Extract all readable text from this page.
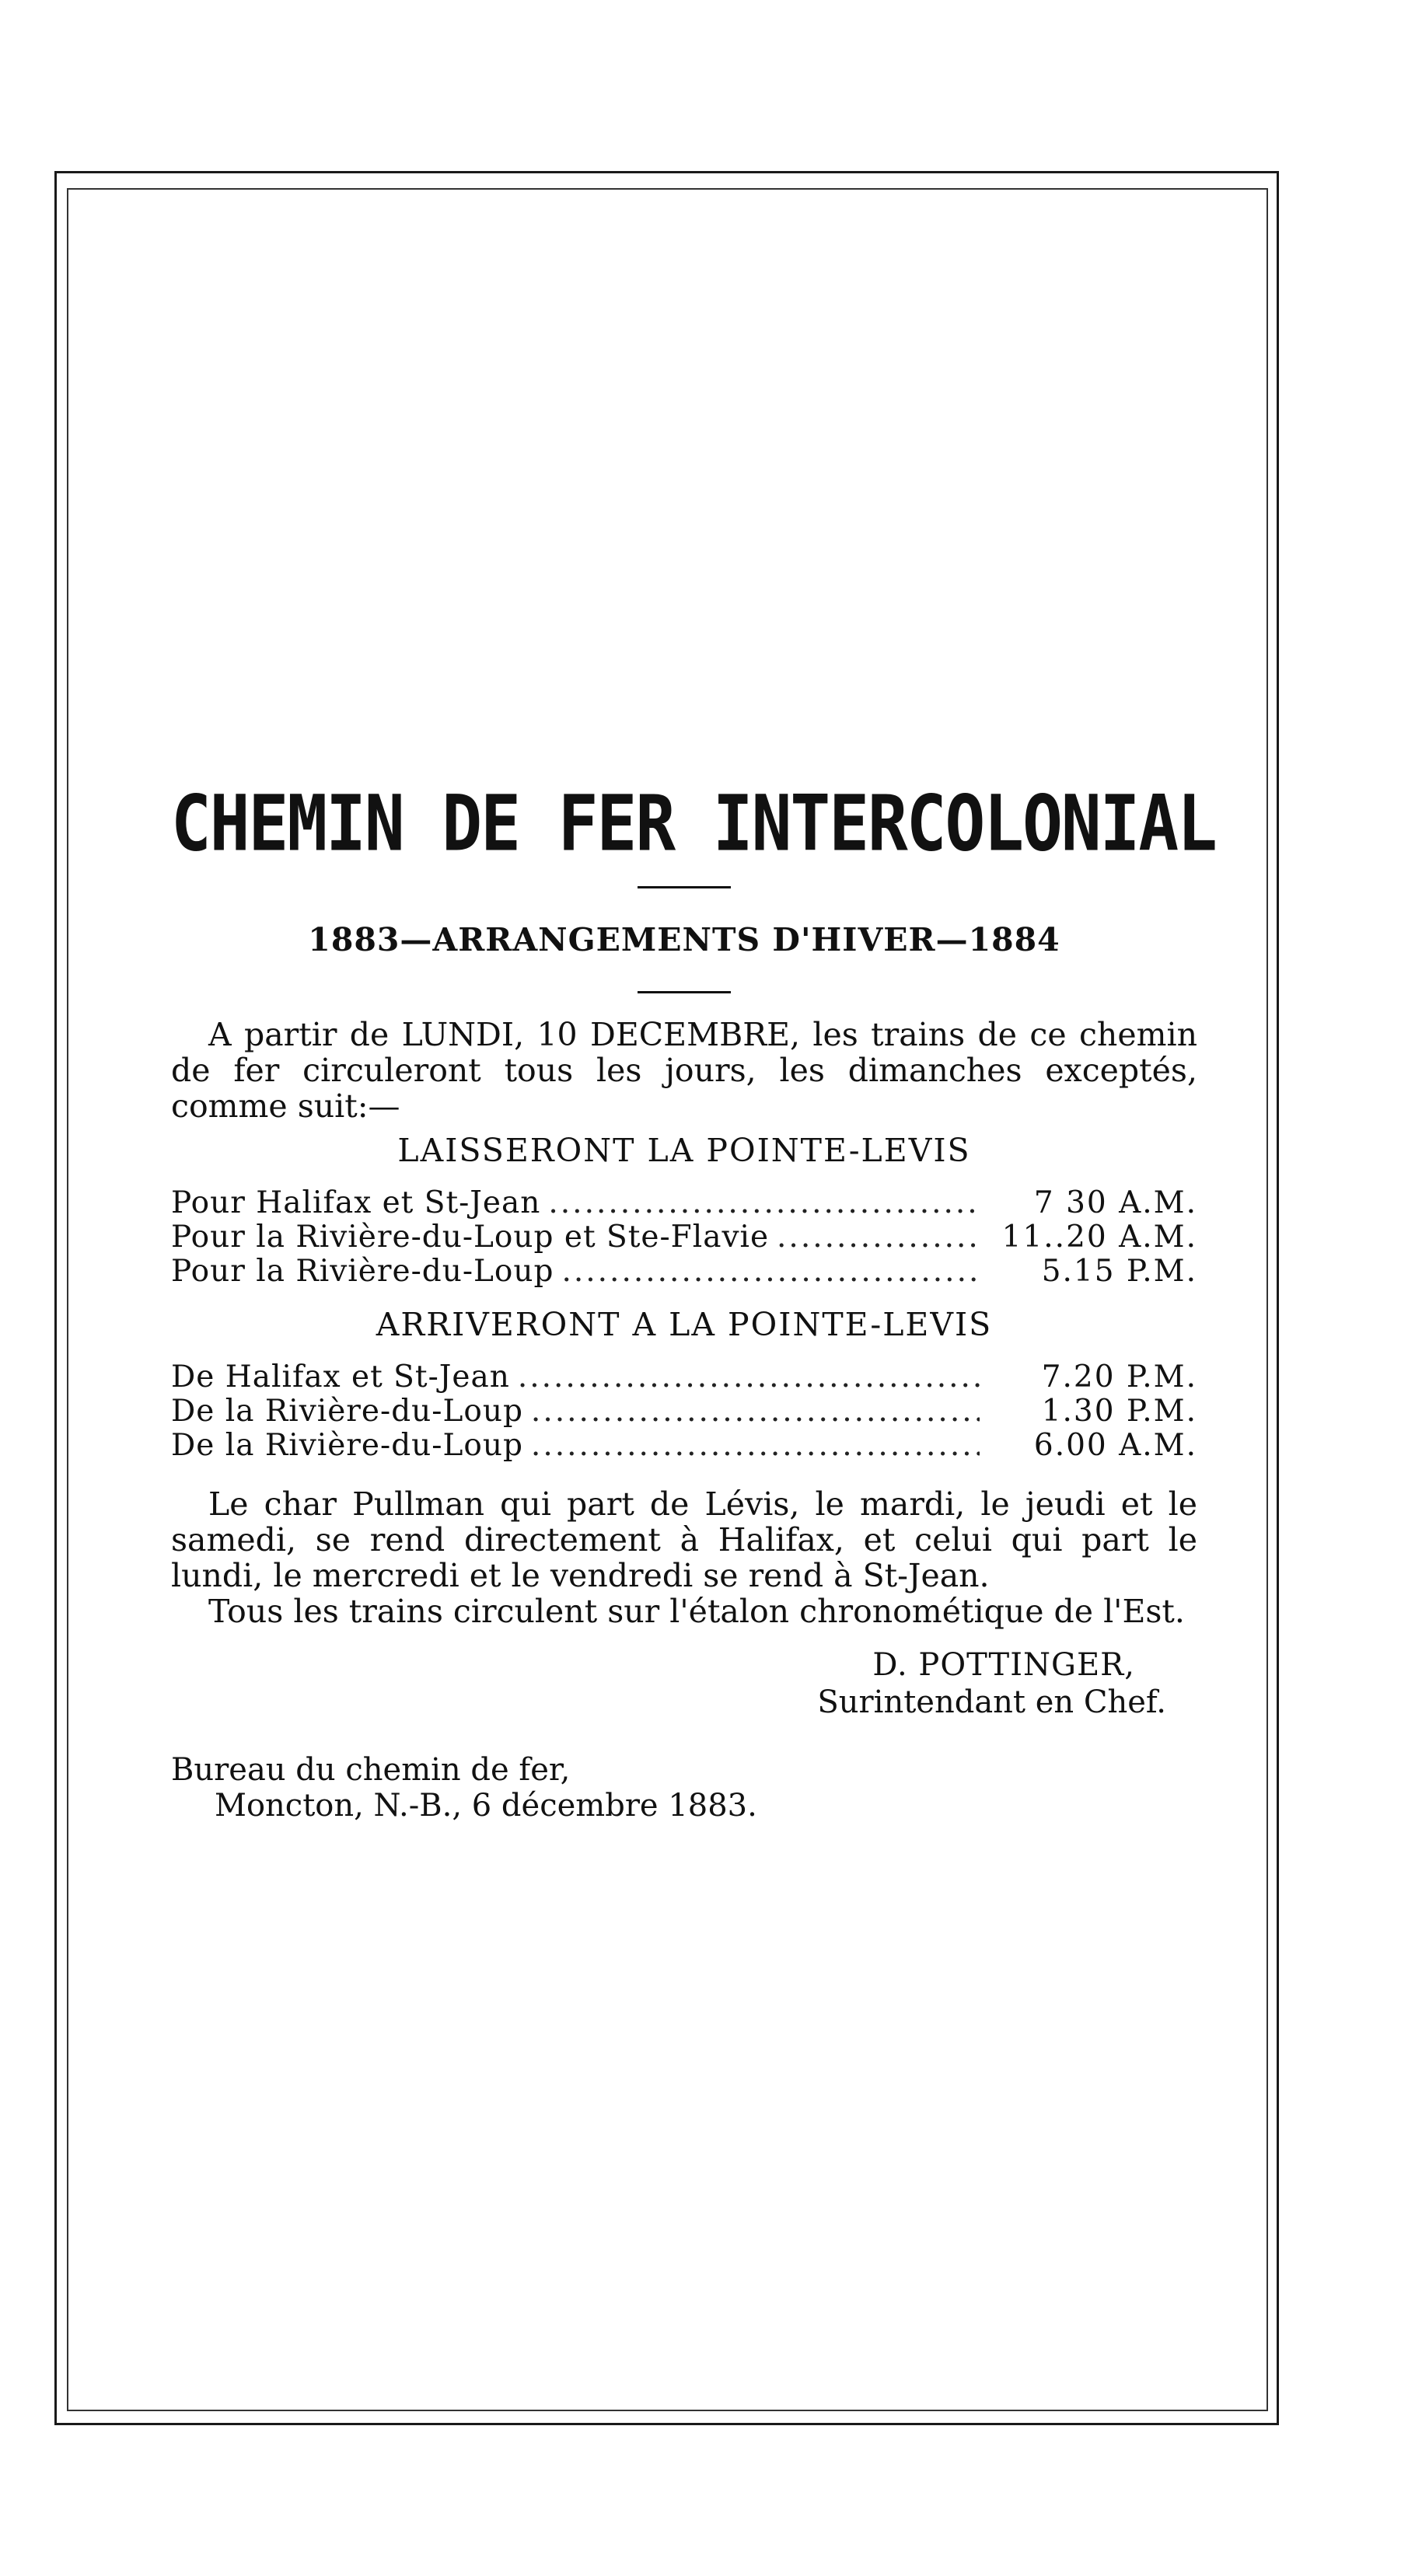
CHEMIN DE FER INTERCOLONIAL
1883—ARRANGEMENTS D'HIVER—1884

A partir de LUNDI, 10 DECEMBRE, les trains de ce chemin de fer circuleront tous les jours, les dimanches exceptés, comme suit:—

LAISSERONT LA POINTE-LEVIS
Pour Halifax et St-Jean .....	7 30 A.M.
Pour la Rivière-du-Loup et Ste-Flavie .....	11..20 A.M.
Pour la Rivière-du-Loup .....	5.15 P.M.
ARRIVERONT A LA POINTE-LEVIS
De Halifax et St-Jean .....	7.20 P.M.
De la Rivière-du-Loup .....	1.30 P.M.
De la Rivière-du-Loup .....	6.00 A.M.

Le char Pullman qui part de Lévis, le mardi, le jeudi et le samedi, se rend directement à Halifax, et celui qui part le lundi, le mercredi et le vendredi se rend à St-Jean.

Tous les trains circulent sur l'étalon chronométique de l'Est.

D. POTTINGER,
Surintendant en Chef.
Bureau du chemin de fer,
Moncton, N.-B., 6 décembre 1883.
